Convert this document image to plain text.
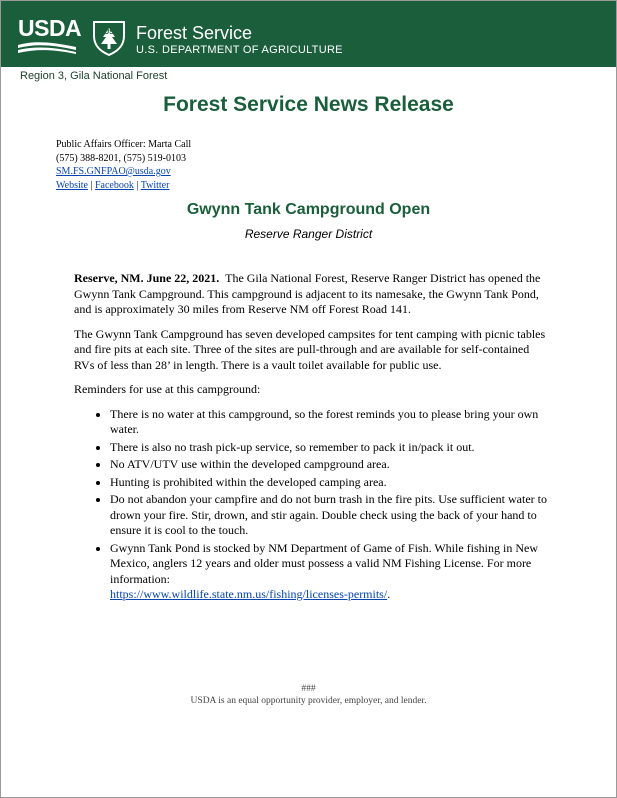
USDA	US Forest Service
U.S. DEPARTMENT OF AGRICULTURE
Region 3, Gila National Forest
Forest Service News Release
Public Affairs Officer: Marta Call
(575) 388-8201, (575) 519-0103
SM.FS.GNFPAO@usda.gov
Website | Facebook | Twitter
Gwynn Tank Campground Open
Reserve Ranger District

Reserve, NM. June 22, 2021. The Gila National Forest, Reserve Ranger District has opened the Gwynn Tank Campground. This campground is adjacent to its namesake, the Gwynn Tank Pond, and is approximately 30 miles from Reserve NM off Forest Road 141.

The Gwynn Tank Campground has seven developed campsites for tent camping with picnic tables and fire pits at each site. Three of the sites are pull-through and are available for self-contained RVs of less than 28’ in length. There is a vault toilet available for public use.

Reminders for use at this campground:

• There is no water at this campground, so the forest reminds you to please bring your own water.
• There is also no trash pick-up service, so remember to pack it in/pack it out.
• No ATV/UTV use within the developed campground area.
• Hunting is prohibited within the developed camping area.
• Do not abandon your campfire and do not burn trash in the fire pits. Use sufficient water to drown your fire. Stir, drown, and stir again. Double check using the back of your hand to ensure it is cool to the touch.
• Gwynn Tank Pond is stocked by NM Department of Game of Fish. While fishing in New Mexico, anglers 12 years and older must possess a valid NM Fishing License. For more information:
https://www.wildlife.state.nm.us/fishing/licenses-permits/.
###
USDA is an equal opportunity provider, employer, and lender.
